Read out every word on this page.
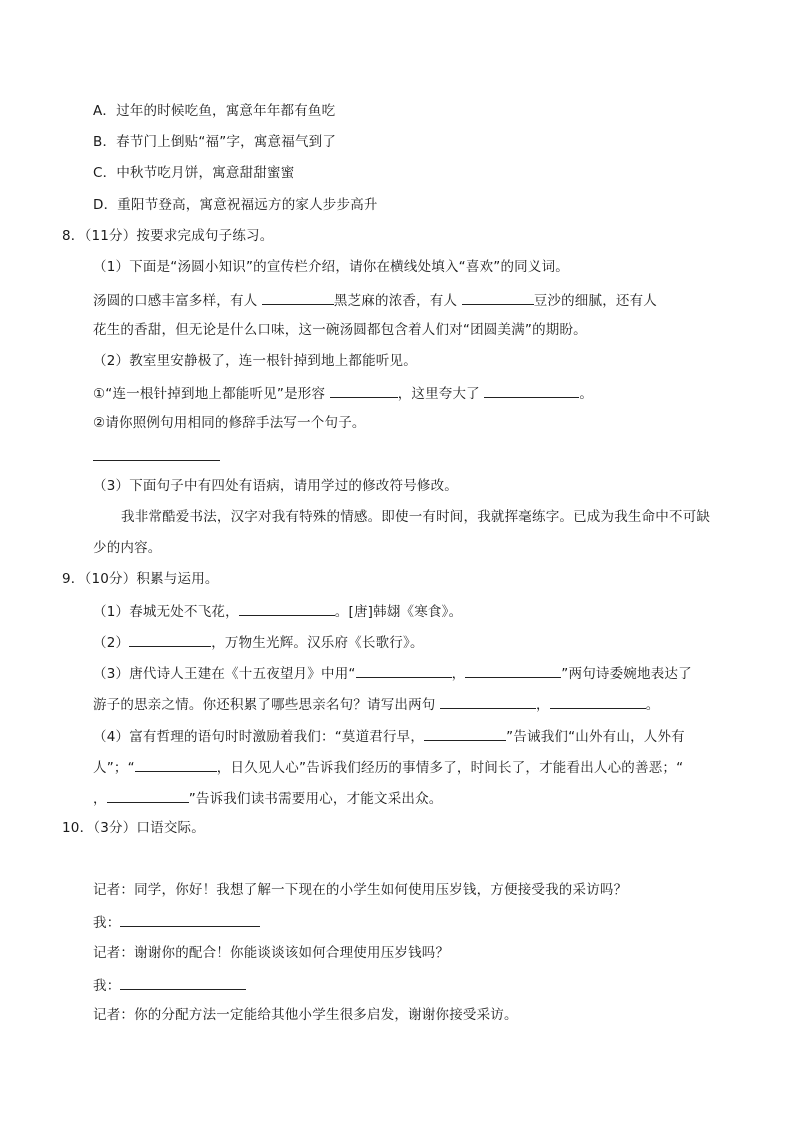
A．过年的时候吃鱼，寓意年年都有鱼吃
B．春节门上倒贴“福”字，寓意福气到了
C．中秋节吃月饼，寓意甜甜蜜蜜
D．重阳节登高，寓意祝福远方的家人步步高升
8．（11分）按要求完成句子练习。
（1）下面是“汤圆小知识”的宣传栏介绍，请你在横线处填入“喜欢”的同义词。
汤圆的口感丰富多样，有人	黑芝麻的浓香，有人	豆沙的细腻，还有人
花生的香甜，但无论是什么口味，这一碗汤圆都包含着人们对“团圆美满”的期盼。
（2）教室里安静极了，连一根针掉到地上都能听见。
①“连一根针掉到地上都能听见”是形容	，这里夸大了	。
②请你照例句用相同的修辞手法写一个句子。
（3）下面句子中有四处有语病，请用学过的修改符号修改。
我非常酷爱书法，汉字对我有特殊的情感。即使一有时间，我就挥毫练字。已成为我生命中不可缺
少的内容。
9．（10分）积累与运用。
（1）春城无处不飞花，	。[唐]韩翃《寒食》。
（2）	，万物生光辉。汉乐府《长歌行》。
（3）唐代诗人王建在《十五夜望月》中用“	，	”两句诗委婉地表达了
游子的思亲之情。你还积累了哪些思亲名句？请写出两句	，	。
（4）富有哲理的语句时时激励着我们：“莫道君行早，	”告诫我们“山外有山，人外有
人”；“	，日久见人心”告诉我们经历的事情多了，时间长了，才能看出人心的善恶；“
，	”告诉我们读书需要用心，才能文采出众。
10．（3分）口语交际。
记者：同学，你好！我想了解一下现在的小学生如何使用压岁钱，方便接受我的采访吗？
我：
记者：谢谢你的配合！你能谈谈该如何合理使用压岁钱吗？
我：
记者：你的分配方法一定能给其他小学生很多启发，谢谢你接受采访。
